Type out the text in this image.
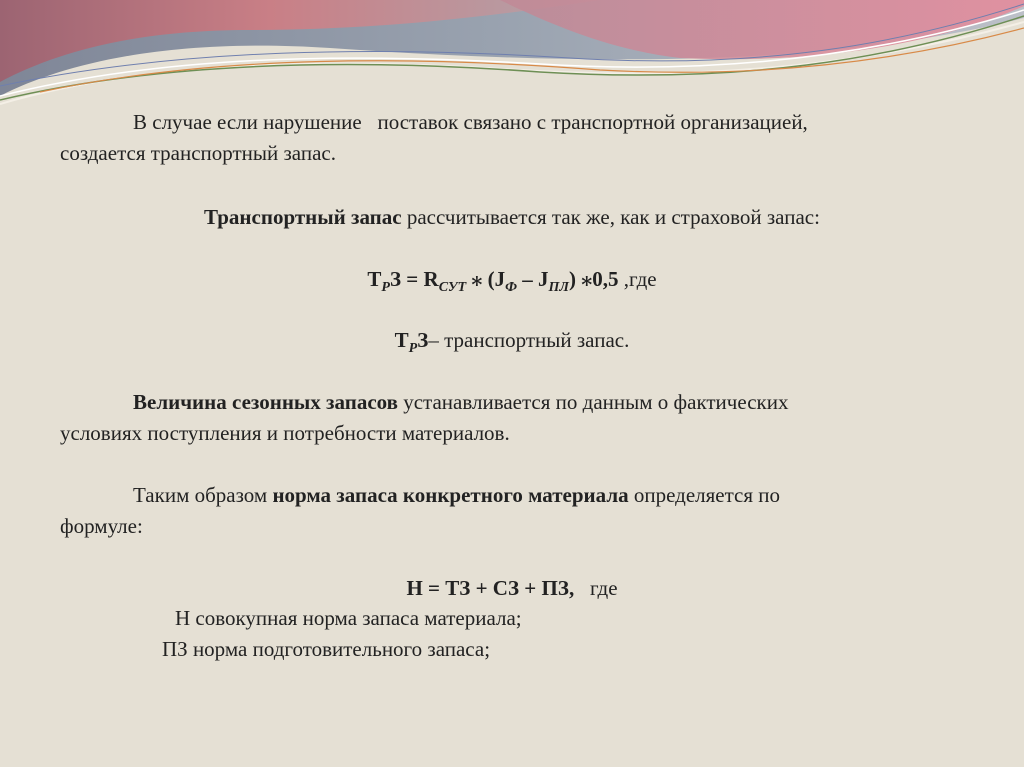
В случае если нарушение   поставок связано с транспортной организацией,
создается транспортный запас.
Транспортный запас рассчитывается так же, как и страховой запас:
$Т_РЗ = R_{СУТ}$ ⁎ $(J_Ф - J_{ПЛ})$ ⁎0,5 ,где
$Т_РЗ-$ транспортный запас.
Величина сезонных запасов устанавливается по данным о фактических
условиях поступления и потребности материалов.
Таким образом норма запаса конкретного материала определяется по
формуле:
Н = ТЗ + СЗ + ПЗ,   где
Н совокупная норма запаса материала;
ПЗ норма подготовительного запаса;
